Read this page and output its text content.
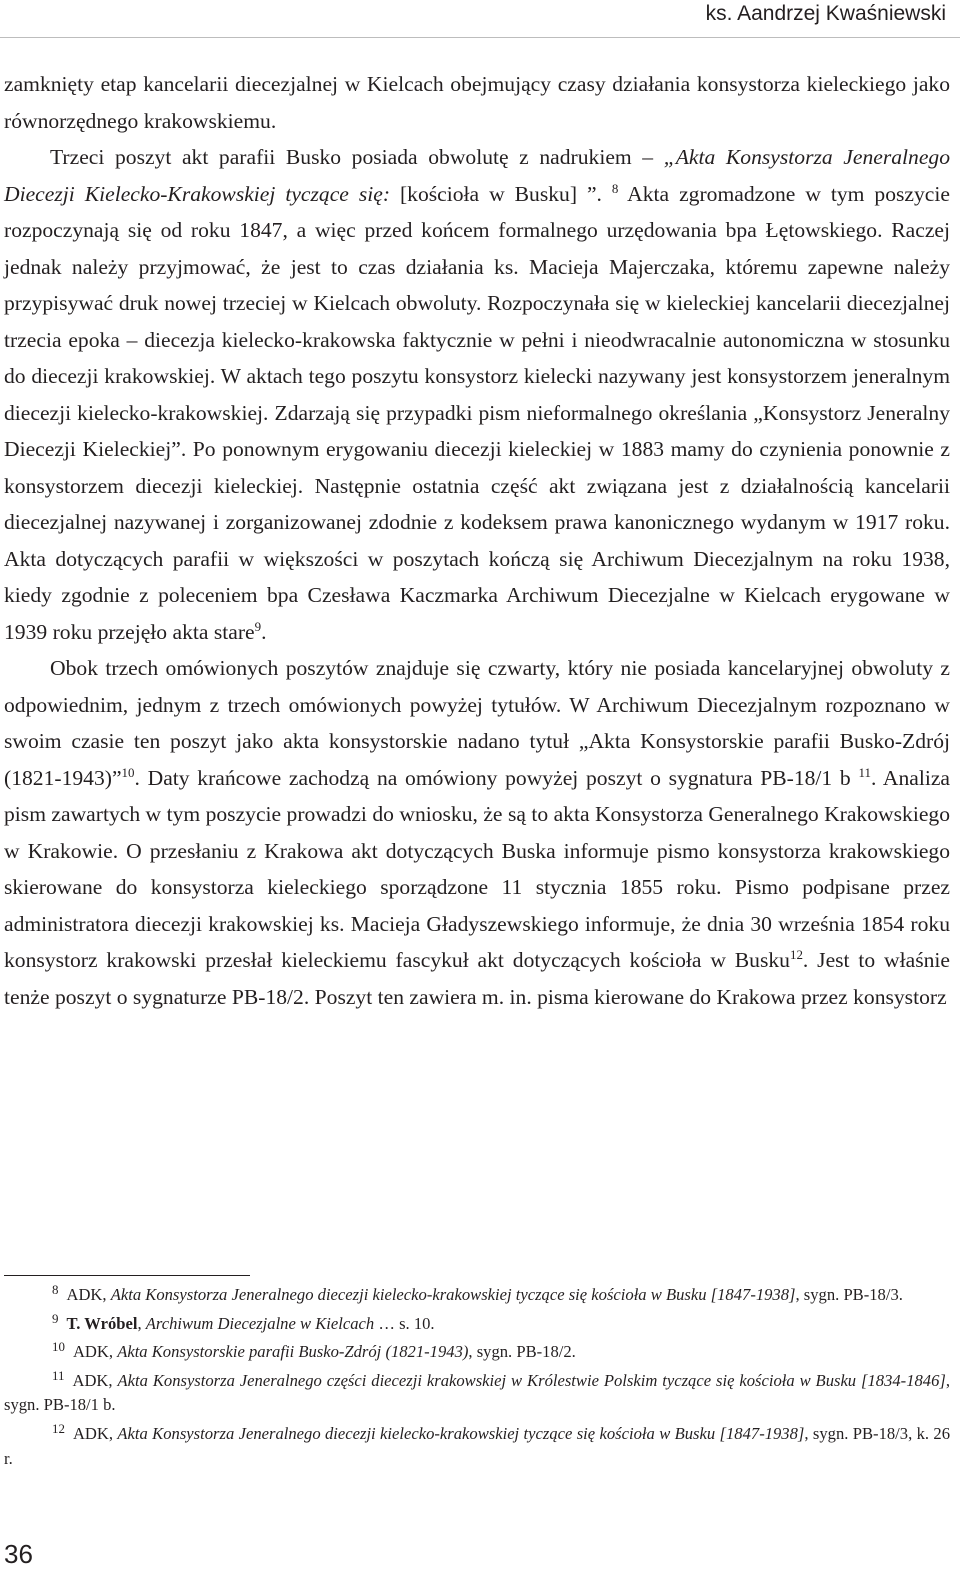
ks. Aandrzej Kwaśniewski

zamknięty etap kancelarii diecezjalnej w Kielcach obejmujący czasy działania konsystorza kieleckiego jako równorzędnego krakowskiemu.

Trzeci poszyt akt parafii Busko posiada obwolutę z nadrukiem – „Akta Konsystorza Jeneralnego Diecezji Kielecko-Krakowskiej tyczące się: [kościoła w Busku] ”. $^8$ Akta zgromadzone w tym poszycie rozpoczynają się od roku 1847, a więc przed końcem formalnego urzędowania bpa Łętowskiego. Raczej jednak należy przyjmować, że jest to czas działania ks. Macieja Majerczaka, któremu zapewne należy przypisywać druk nowej trzeciej w Kielcach obwoluty. Rozpoczynała się w kieleckiej kancelarii diecezjalnej trzecia epoka – diecezja kielecko-krakowska faktycznie w pełni i nieodwracalnie autonomiczna w stosunku do diecezji krakowskiej. W aktach tego poszytu konsystorz kielecki nazywany jest konsystorzem jeneralnym diecezji kielecko-krakowskiej. Zdarzają się przypadki pism nieformalnego określania „Konsystorz Jeneralny Diecezji Kieleckiej”. Po ponownym erygowaniu diecezji kieleckiej w 1883 mamy do czynienia ponownie z konsystorzem diecezji kieleckiej. Następnie ostatnia część akt związana jest z działalnością kancelarii diecezjalnej nazywanej i zorganizowanej zdodnie z kodeksem prawa kanonicznego wydanym w 1917 roku. Akta dotyczących parafii w większości w poszytach kończą się Archiwum Diecezjalnym na roku 1938, kiedy zgodnie z poleceniem bpa Czesława Kaczmarka Archiwum Diecezjalne w Kielcach erygowane w 1939 roku przejęło akta stare$^9$.

Obok trzech omówionych poszytów znajduje się czwarty, który nie posiada kancelaryjnej obwoluty z odpowiednim, jednym z trzech omówionych powyżej tytułów. W Archiwum Diecezjalnym rozpoznano w swoim czasie ten poszyt jako akta konsystorskie nadano tytuł „Akta Konsystorskie parafii Busko-Zdrój (1821-1943)”$^{10}$. Daty krańcowe zachodzą na omówiony powyżej poszyt o sygnatura PB-18/1 b $^{11}$. Analiza pism zawartych w tym poszycie prowadzi do wniosku, że są to akta Konsystorza Generalnego Krakowskiego w Krakowie. O przesłaniu z Krakowa akt dotyczących Buska informuje pismo konsystorza krakowskiego skierowane do konsystorza kieleckiego sporządzone 11 stycznia 1855 roku. Pismo podpisane przez administratora diecezji krakowskiej ks. Macieja Gładyszewskiego informuje, że dnia 30 września 1854 roku konsystorz krakowski przesłał kieleckiemu fascykuł akt dotyczących kościoła w Busku$^{12}$. Jest to właśnie tenże poszyt o sygnaturze PB-18/2. Poszyt ten zawiera m. in. pisma kierowane do Krakowa przez konsystorz

$^8$ ADK, Akta Konsystorza Jeneralnego diecezji kielecko-krakowskiej tyczące się kościoła w Busku [1847-1938], sygn. PB-18/3.

$^9$ T. Wróbel, Archiwum Diecezjalne w Kielcach … s. 10.

$^{10}$ ADK, Akta Konsystorskie parafii Busko-Zdrój (1821-1943), sygn. PB-18/2.

$^{11}$ ADK, Akta Konsystorza Jeneralnego części diecezji krakowskiej w Królestwie Polskim tyczące się kościoła w Busku [1834-1846], sygn. PB-18/1 b.

$^{12}$ ADK, Akta Konsystorza Jeneralnego diecezji kielecko-krakowskiej tyczące się kościoła w Busku [1847-1938], sygn. PB-18/3, k. 26 r.

36
